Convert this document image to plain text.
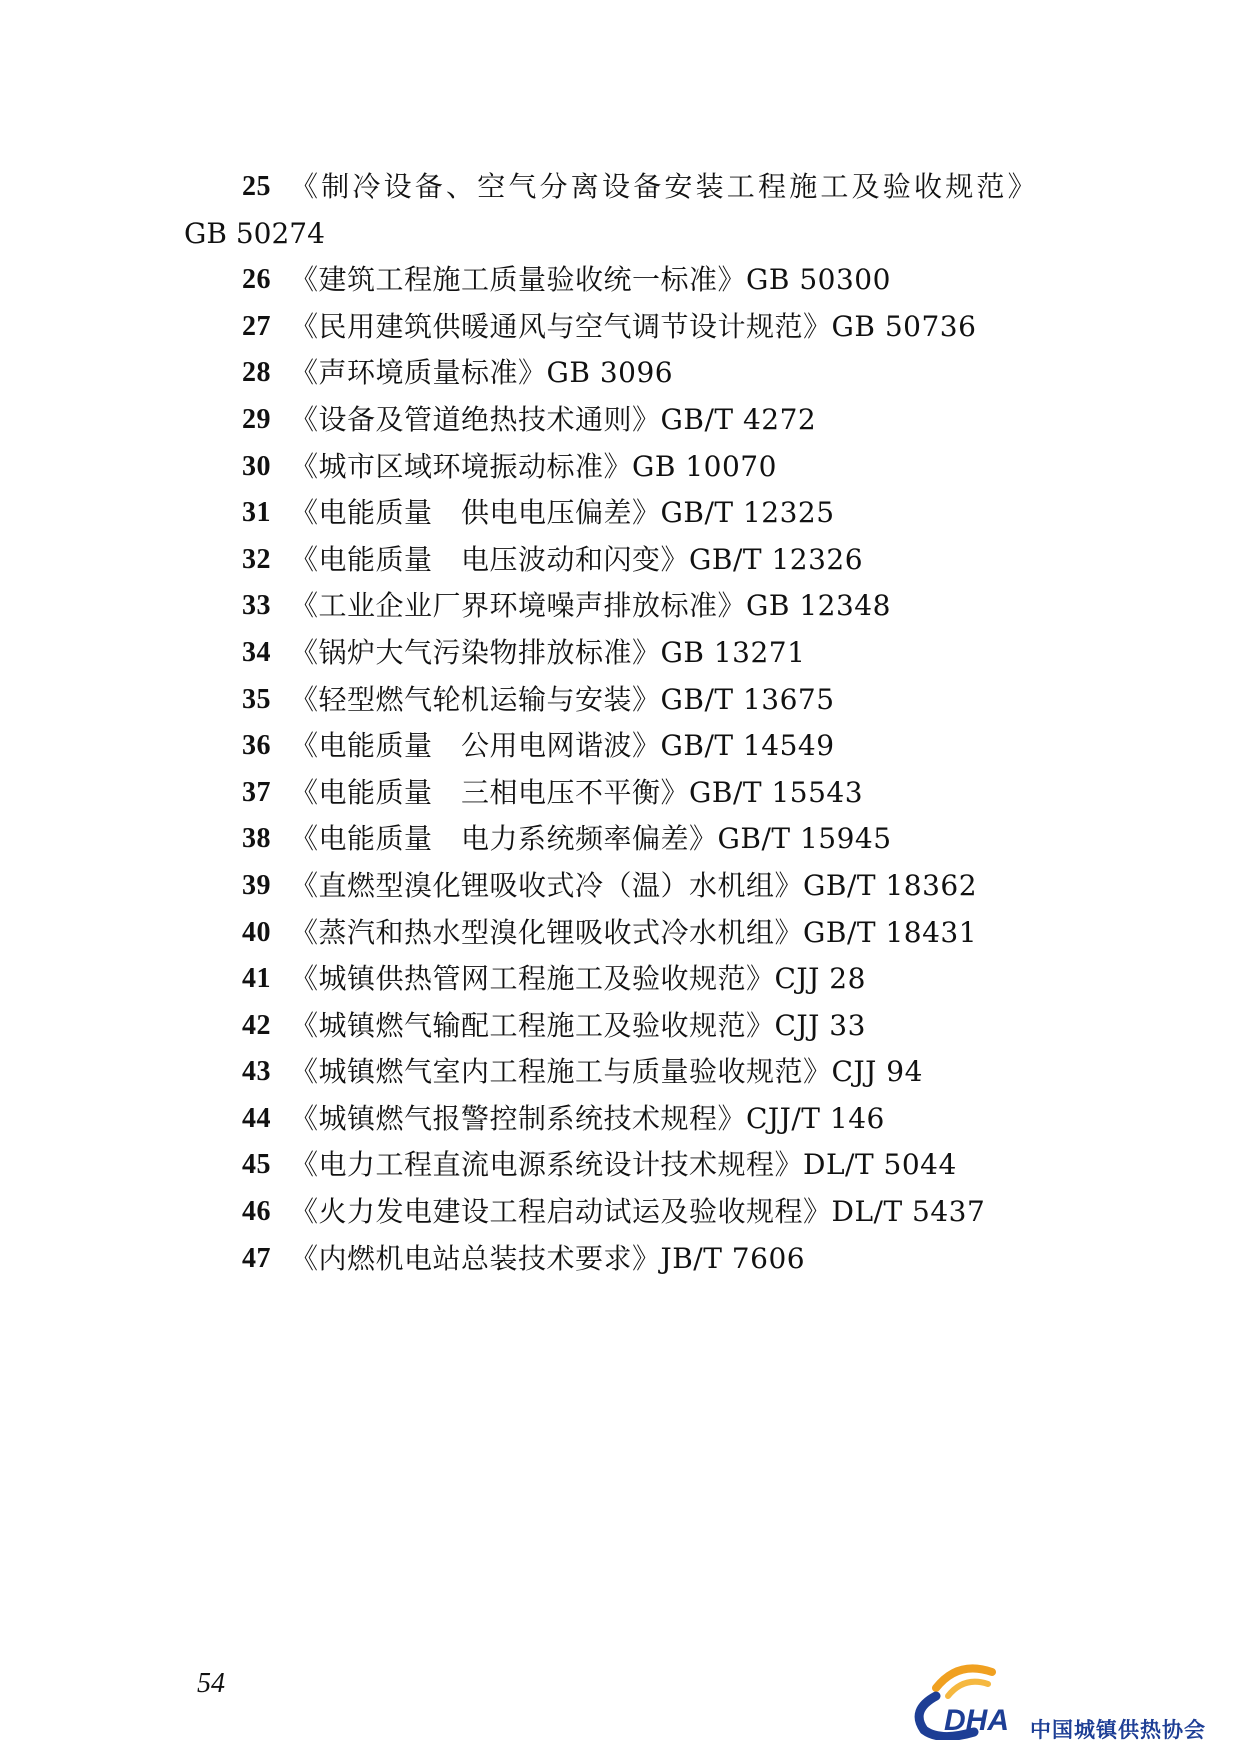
25 《制冷设备、空气分离设备安装工程施工及验收规范》
GB 50274
26 《建筑工程施工质量验收统一标准》GB 50300
27 《民用建筑供暖通风与空气调节设计规范》GB 50736
28 《声环境质量标准》GB 3096
29 《设备及管道绝热技术通则》GB/T 4272
30 《城市区域环境振动标准》GB 10070
31 《电能质量　供电电压偏差》GB/T 12325
32 《电能质量　电压波动和闪变》GB/T 12326
33 《工业企业厂界环境噪声排放标准》GB 12348
34 《锅炉大气污染物排放标准》GB 13271
35 《轻型燃气轮机运输与安装》GB/T 13675
36 《电能质量　公用电网谐波》GB/T 14549
37 《电能质量　三相电压不平衡》GB/T 15543
38 《电能质量　电力系统频率偏差》GB/T 15945
39 《直燃型溴化锂吸收式冷（温）水机组》GB/T 18362
40 《蒸汽和热水型溴化锂吸收式冷水机组》GB/T 18431
41 《城镇供热管网工程施工及验收规范》CJJ 28
42 《城镇燃气输配工程施工及验收规范》CJJ 33
43 《城镇燃气室内工程施工与质量验收规范》CJJ 94
44 《城镇燃气报警控制系统技术规程》CJJ/T 146
45 《电力工程直流电源系统设计技术规程》DL/T 5044
46 《火力发电建设工程启动试运及验收规程》DL/T 5437
47 《内燃机电站总装技术要求》JB/T 7606
54
DHA 中国城镇供热协会
